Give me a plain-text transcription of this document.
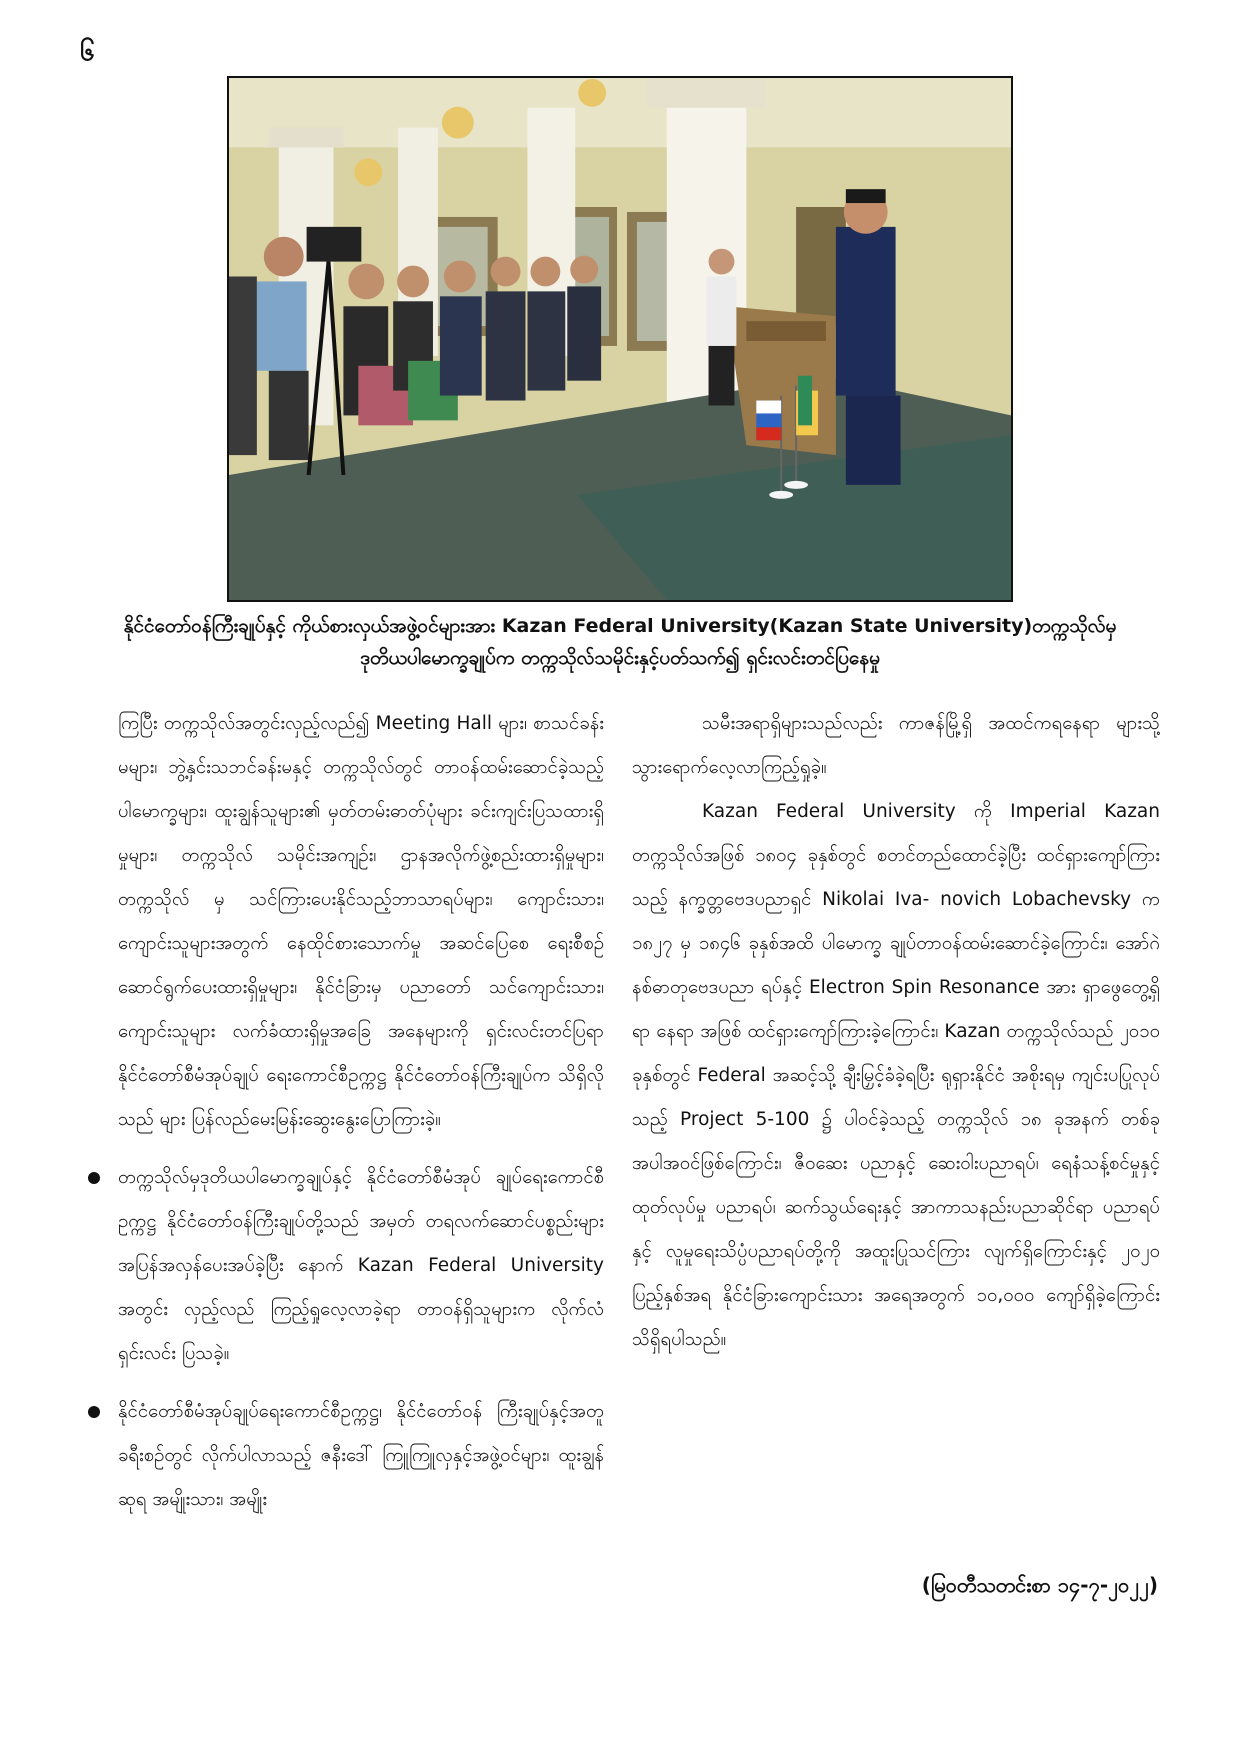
၆
နိုင်ငံတော်ဝန်ကြီးချုပ်နှင့် ကိုယ်စားလှယ်အဖွဲ့ဝင်များအား Kazan Federal University(Kazan State University)တက္ကသိုလ်မှ
ဒုတိယပါမောက္ခချုပ်က တက္ကသိုလ်သမိုင်းနှင့်ပတ်သက်၍ ရှင်းလင်းတင်ပြနေမှု

ကြပြီး တက္ကသိုလ်အတွင်းလှည့်လည်၍ Meeting Hall များ၊ စာသင်ခန်းမများ၊ ဘွဲ့နှင်းသဘင်ခန်းမနှင့် တက္ကသိုလ်တွင် တာဝန်ထမ်းဆောင်ခဲ့သည့် ပါမောက္ခများ၊ ထူးချွန်သူများ၏ မှတ်တမ်းဓာတ်ပုံများ ခင်းကျင်းပြသထားရှိမှုများ၊ တက္ကသိုလ် သမိုင်းအကျဉ်း၊ ဌာနအလိုက်ဖွဲ့စည်းထားရှိမှုများ၊ တက္ကသိုလ် မှ သင်ကြားပေးနိုင်သည့်ဘာသာရပ်များ၊ ကျောင်းသား၊ ကျောင်းသူများအတွက် နေထိုင်စားသောက်မှု အဆင်ပြေစေ ရေးစီစဉ်ဆောင်ရွက်ပေးထားရှိမှုများ၊ နိုင်ငံခြားမှ ပညာတော် သင်ကျောင်းသား၊ ကျောင်းသူများ လက်ခံထားရှိမှုအခြေ အနေများကို ရှင်းလင်းတင်ပြရာ နိုင်ငံတော်စီမံအုပ်ချုပ် ရေးကောင်စီဥက္ကဋ္ဌ နိုင်ငံတော်ဝန်ကြီးချုပ်က သိရှိလိုသည် များ ပြန်လည်မေးမြန်းဆွေးနွေးပြောကြားခဲ့။

တက္ကသိုလ်မှဒုတိယပါမောက္ခချုပ်နှင့် နိုင်ငံတော်စီမံအုပ် ချုပ်ရေးကောင်စီဥက္ကဋ္ဌ နိုင်ငံတော်ဝန်ကြီးချုပ်တို့သည် အမှတ် တရလက်ဆောင်ပစ္စည်းများ အပြန်အလှန်ပေးအပ်ခဲ့ပြီး နောက် Kazan Federal University အတွင်း လှည့်လည် ကြည့်ရှုလေ့လာခဲ့ရာ တာဝန်ရှိသူများက လိုက်လံရှင်းလင်း ပြသခဲ့။
နိုင်ငံတော်စီမံအုပ်ချုပ်ရေးကောင်စီဥက္ကဋ္ဌ၊ နိုင်ငံတော်ဝန် ကြီးချုပ်နှင့်အတူ ခရီးစဉ်တွင် လိုက်ပါလာသည့် ဇနီးဒေါ် ကြူကြူလှနှင့်အဖွဲ့ဝင်များ၊ ထူးချွန်ဆုရ အမျိုးသား၊ အမျိုး

သမီးအရာရှိများသည်လည်း ကာဇန်မြို့ရှိ အထင်ကရနေရာ များသို့ သွားရောက်လေ့လာကြည့်ရှုခဲ့။

Kazan Federal University ကို Imperial Kazan တက္ကသိုလ်အဖြစ် ၁၈၀၄ ခုနှစ်တွင် စတင်တည်ထောင်ခဲ့ပြီး ထင်ရှားကျော်ကြားသည့် နက္ခတ္တဗေဒပညာရှင် Nikolai Iva- novich Lobachevsky က ၁၈၂၇ မှ ၁၈၄၆ ခုနှစ်အထိ ပါမောက္ခ ချုပ်တာဝန်ထမ်းဆောင်ခဲ့ကြောင်း၊ အော်ဂဲနစ်ဓာတုဗေဒပညာ ရပ်နှင့် Electron Spin Resonance အား ရှာဖွေတွေ့ရှိရာ နေရာ အဖြစ် ထင်ရှားကျော်ကြားခဲ့ကြောင်း၊ Kazan တက္ကသိုလ်သည် ၂၀၁၀ ခုနှစ်တွင် Federal အဆင့်သို့ ချီးမြှင့်ခံခဲ့ရပြီး ရုရှားနိုင်ငံ အစိုးရမှ ကျင်းပပြုလုပ်သည့် Project 5-100 ၌ ပါဝင်ခဲ့သည့် တက္ကသိုလ် ၁၈ ခုအနက် တစ်ခုအပါအဝင်ဖြစ်ကြောင်း၊ ဇီဝဆေး ပညာနှင့် ဆေးဝါးပညာရပ်၊ ရေနံသန့်စင်မှုနှင့် ထုတ်လုပ်မှု ပညာရပ်၊ ဆက်သွယ်ရေးနှင့် အာကာသနည်းပညာဆိုင်ရာ ပညာရပ်နှင့် လူမှုရေးသိပ္ပံပညာရပ်တို့ကို အထူးပြုသင်ကြား လျက်ရှိကြောင်းနှင့် ၂၀၂၀ ပြည့်နှစ်အရ နိုင်ငံခြားကျောင်းသား အရေအတွက် ၁၀,၀၀၀ ကျော်ရှိခဲ့ကြောင်း သိရှိရပါသည်။

(မြဝတီသတင်းစာ ၁၄-၇-၂၀၂၂)
